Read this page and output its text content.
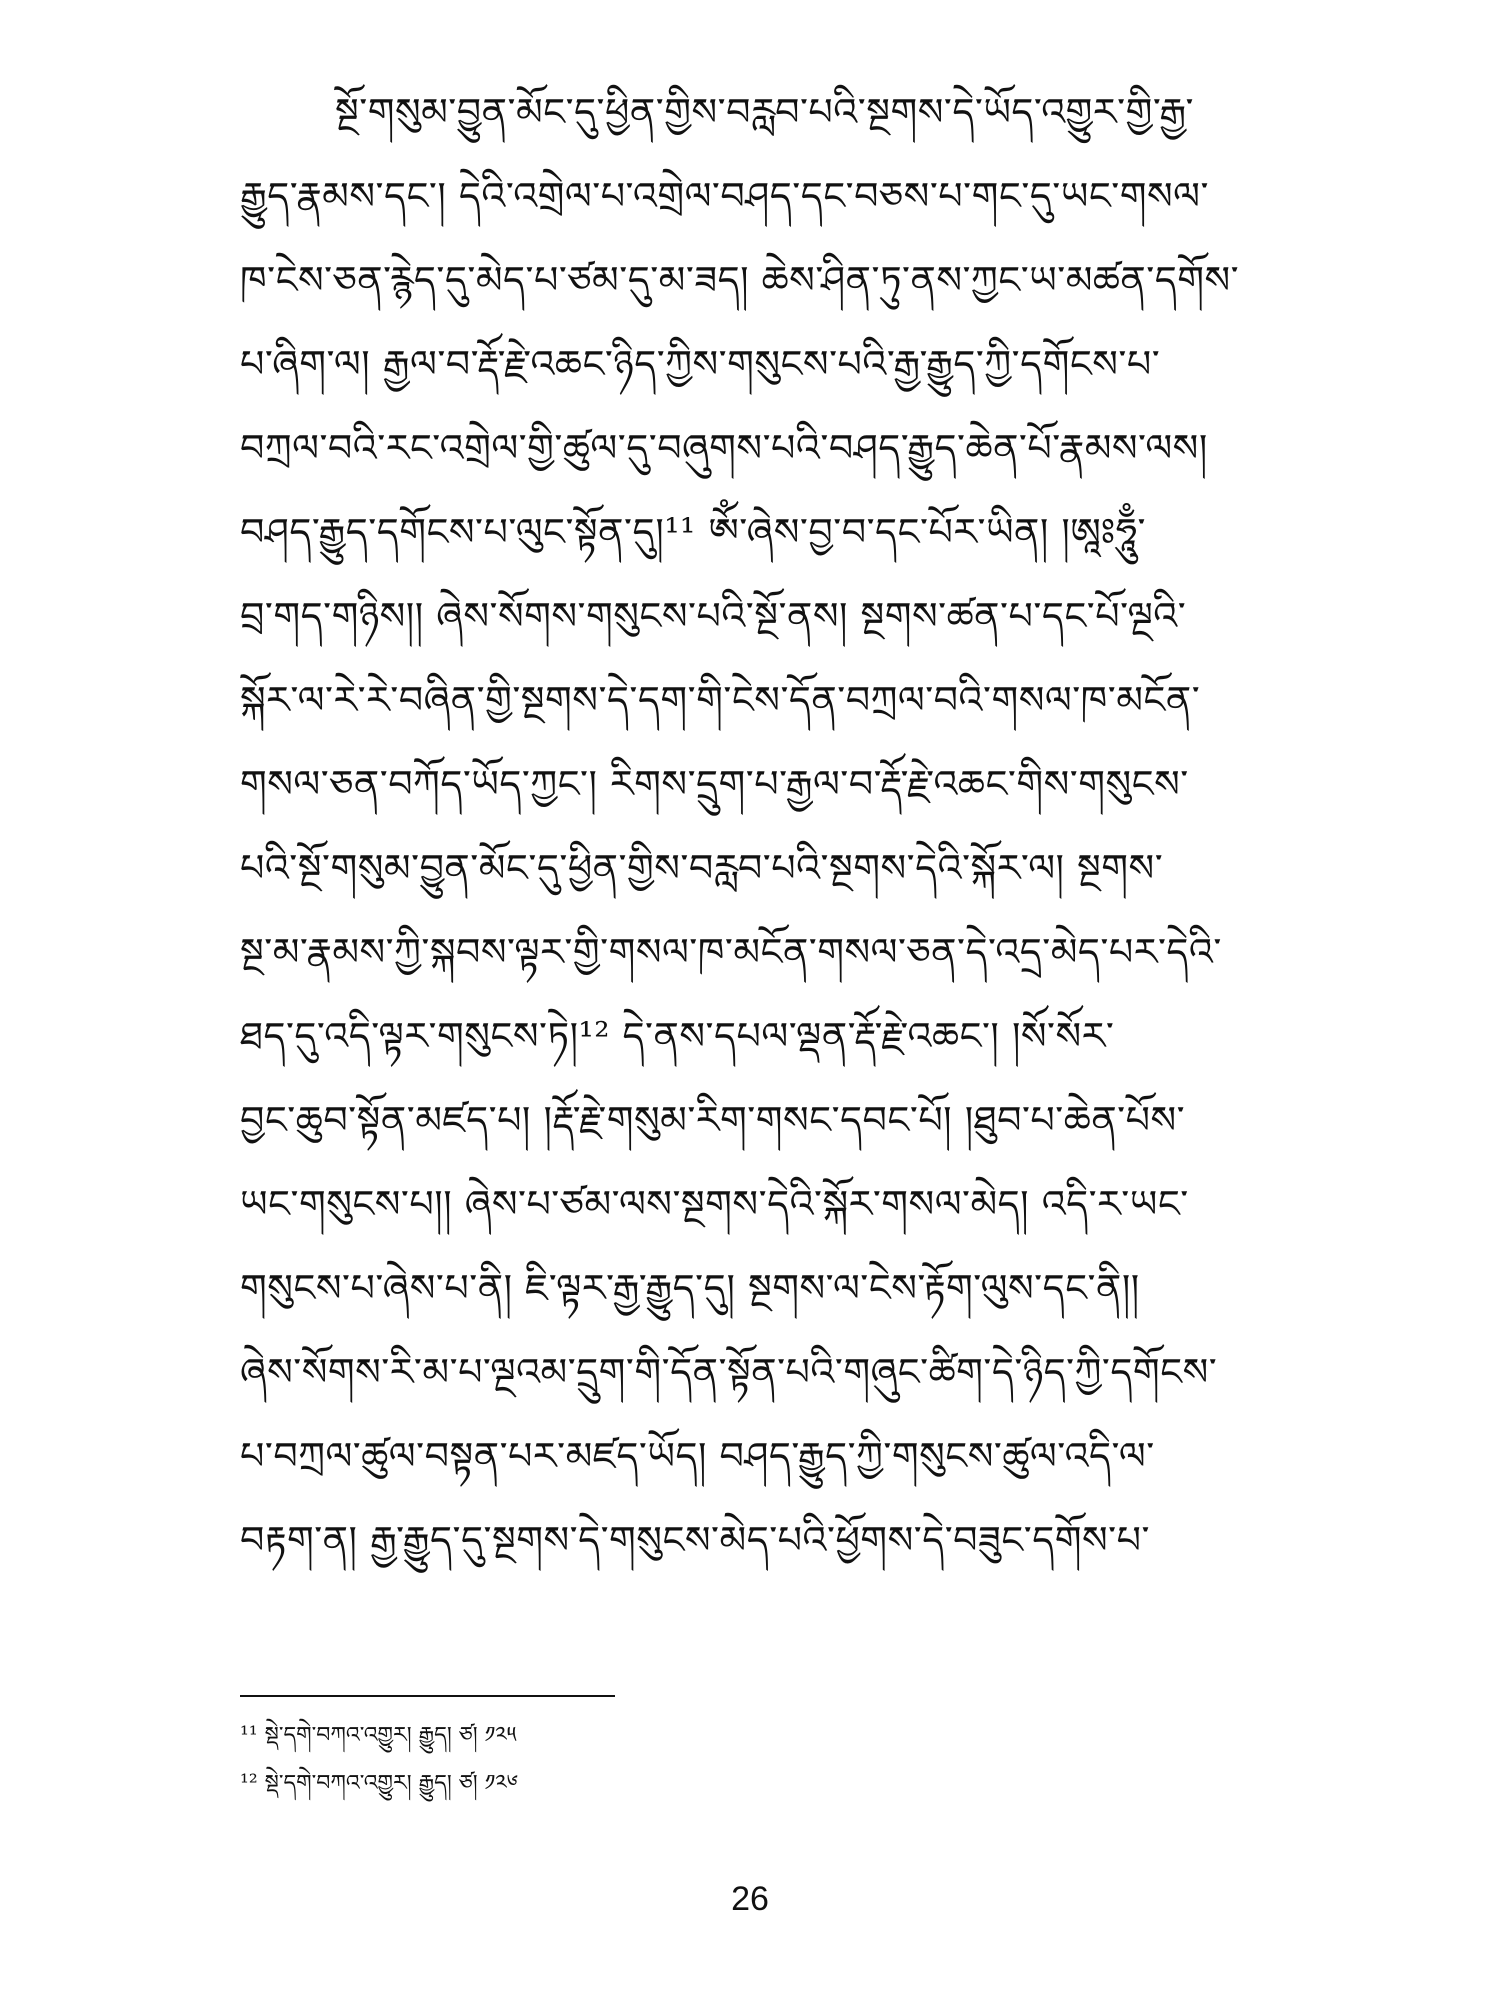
སྔོ་གསུམ་བྱུན་མོང་དུ་ཕྱིན་གྱིས་བརླབ་པའི་སྔགས་དེ་ཡོད་འགྱུར་གྱི་རྒྱ་
རྒྱུད་རྣམས་དང་། དེའི་འགྲེལ་པ་འགྲེལ་བཤད་དང་བཅས་པ་གང་དུ་ཡང་གསལ་
ཁ་ངེས་ཅན་རྙེད་དུ་མེད་པ་ཙམ་དུ་མ་ཟད། ཆེས་ཤིན་ཏུ་ནས་ཀྱང་ཡ་མཚན་དགོས་
པ་ཞིག་ལ། རྒྱལ་བ་རྡོ་རྗེ་འཆང་ཉིད་ཀྱིས་གསུངས་པའི་རྒྱ་རྒྱུད་ཀྱི་དགོངས་པ་
བཀྲལ་བའི་རང་འགྲེལ་གྱི་ཚུལ་དུ་བཞུགས་པའི་བཤད་རྒྱུད་ཆེན་པོ་རྣམས་ལས།
བཤད་རྒྱུད་དགོངས་པ་ལུང་སྟོན་དུ།¹¹ ཨོཾ་ཞེས་བྱ་བ་དང་པོར་ཡིན། །ཨཱཿཧཱུྃ་
བྲ་གད་གཉིས།། ཞེས་སོགས་གསུངས་པའི་སྔོ་ནས། སྔགས་ཚན་པ་དང་པོ་ལྔའི་
སྐོར་ལ་རེ་རེ་བཞིན་གྱི་སྔགས་དེ་དག་གི་ངེས་དོན་བཀྲལ་བའི་གསལ་ཁ་མངོན་
གསལ་ཅན་བཀོད་ཡོད་ཀྱང་། རིགས་དྲུག་པ་རྒྱལ་བ་རྡོ་རྗེ་འཆང་གིས་གསུངས་
པའི་སྔོ་གསུམ་བྱུན་མོང་དུ་ཕྱིན་གྱིས་བརླབ་པའི་སྔགས་དེའི་སྐོར་ལ། སྔགས་
སྔ་མ་རྣམས་ཀྱི་སྐབས་ལྟར་གྱི་གསལ་ཁ་མངོན་གསལ་ཅན་དེ་འདྲ་མེད་པར་དེའི་
ཐད་དུ་འདི་ལྟར་གསུངས་ཏེ།¹² དེ་ནས་དཔལ་ལྡན་རྡོ་རྗེ་འཆང་། །སོ་སོར་
བྱང་ཆུབ་སྟོན་མཛད་པ། །རྡོ་རྗེ་གསུམ་རིག་གསང་དབང་པོ། །ཐུབ་པ་ཆེན་པོས་
ཡང་གསུངས་པ།། ཞེས་པ་ཙམ་ལས་སྔགས་དེའི་སྐོར་གསལ་མེད། འདི་ར་ཡང་
གསུངས་པ་ཞེས་པ་ནི། ཇི་ལྟར་རྒྱ་རྒྱུད་དུ། སྔགས་ལ་ངེས་རྟོག་ལུས་དང་ནི།།
ཞེས་སོགས་རི་མ་པ་ལྔའམ་དྲུག་གི་དོན་སྟོན་པའི་གཞུང་ཚིག་དེ་ཉིད་ཀྱི་དགོངས་
པ་བཀྲལ་ཚུལ་བསྟན་པར་མཛད་ཡོད། བཤད་རྒྱུད་ཀྱི་གསུངས་ཚུལ་འདི་ལ་
བརྟག་ན། རྒྱ་རྒྱུད་དུ་སྔགས་དེ་གསུངས་མེད་པའི་ཕྱོགས་དེ་བཟུང་དགོས་པ་
¹¹ སྡེ་དགེ་བཀའ་འགྱུར། རྒྱུད། ཙ། ༡༢༥
¹² སྡེ་དགེ་བཀའ་འགྱུར། རྒྱུད། ཙ། ༡༢༦
26
